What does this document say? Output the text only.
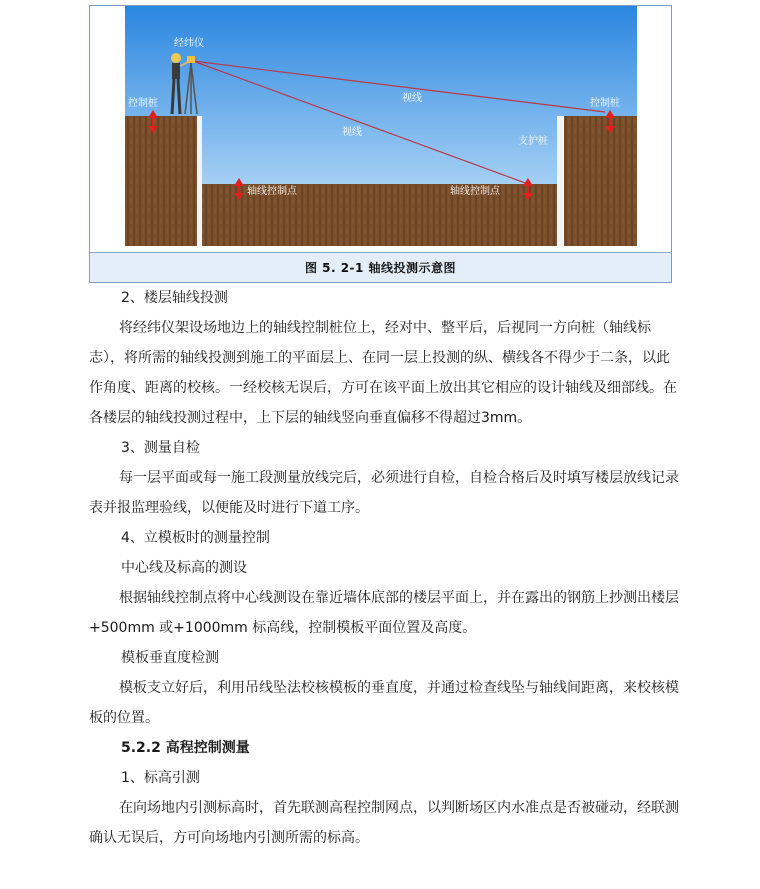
经纬仪
控制桩	控制桩
视线
视线
支护桩
轴线控制点	轴线控制点
图 5. 2-1 轴线投测示意图

2、楼层轴线投测

将经纬仪架设场地边上的轴线控制桩位上，经对中、整平后，后视同一方向桩（轴线标志），将所需的轴线投测到施工的平面层上、在同一层上投测的纵、横线各不得少于二条，以此作角度、距离的校核。一经校核无误后，方可在该平面上放出其它相应的设计轴线及细部线。在各楼层的轴线投测过程中，上下层的轴线竖向垂直偏移不得超过3mm。

3、测量自检

每一层平面或每一施工段测量放线完后，必须进行自检，自检合格后及时填写楼层放线记录表并报监理验线，以便能及时进行下道工序。

4、立模板时的测量控制

中心线及标高的测设

根据轴线控制点将中心线测设在靠近墙体底部的楼层平面上，并在露出的钢筋上抄测出楼层+500mm 或+1000mm 标高线，控制模板平面位置及高度。

模板垂直度检测

模板支立好后，利用吊线坠法校核模板的垂直度，并通过检查线坠与轴线间距离，来校核模板的位置。

5.2.2 高程控制测量

1、标高引测

在向场地内引测标高时，首先联测高程控制网点，以判断场区内水准点是否被碰动，经联测确认无误后，方可向场地内引测所需的标高。
